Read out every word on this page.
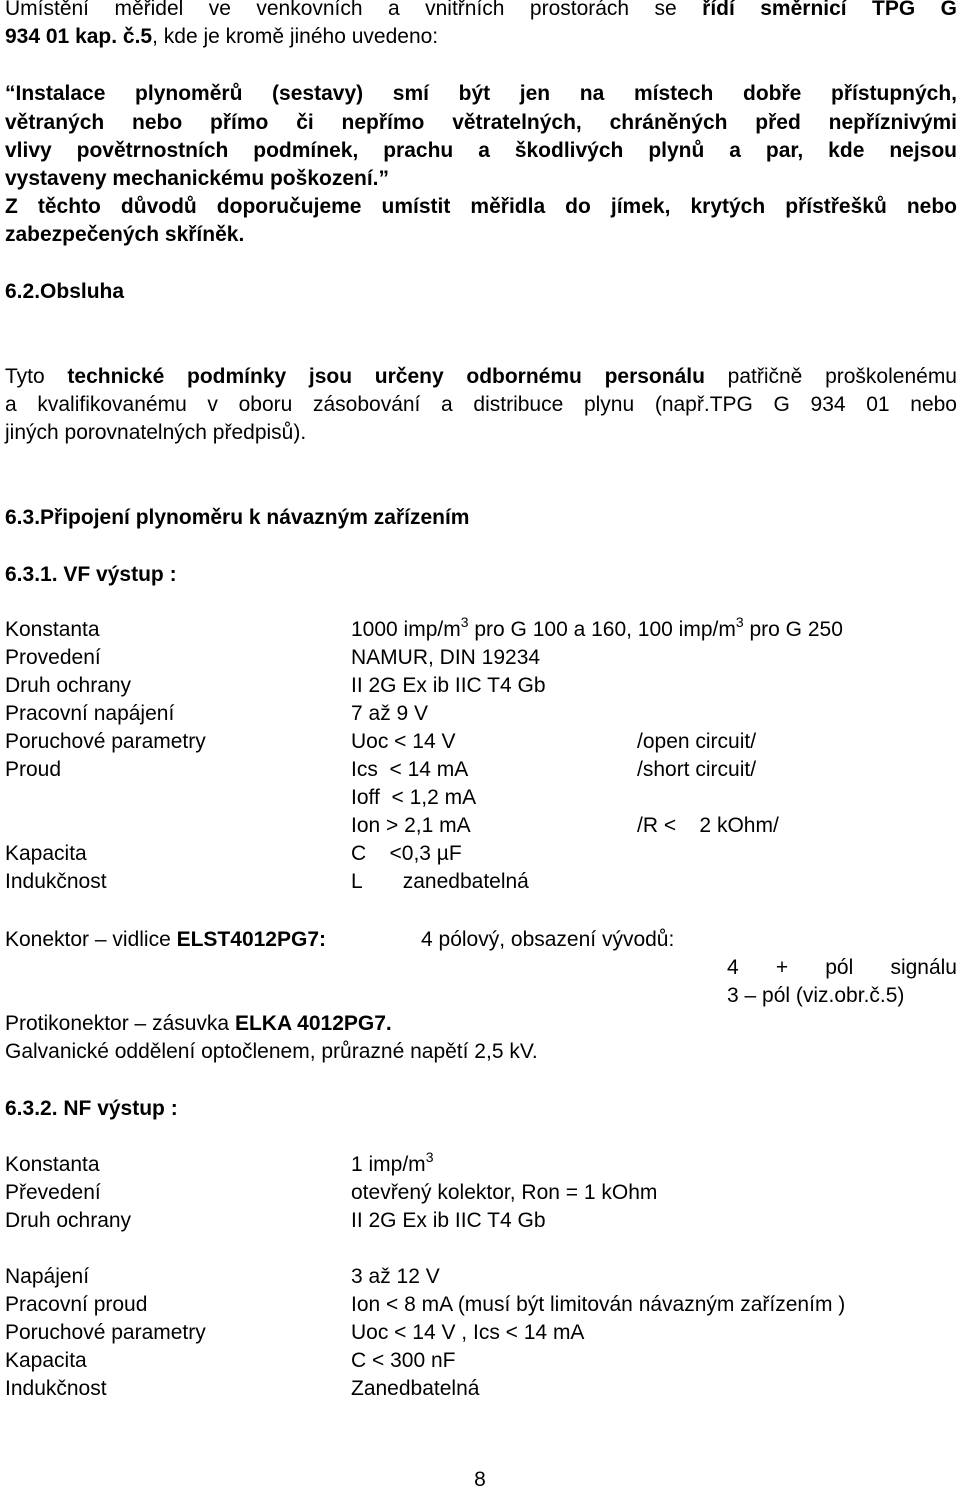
Umístění měřidel ve venkovních a vnitřních prostorách se řídí směrnicí TPG G
934 01 kap. č.5, kde je kromě jiného uvedeno:
“Instalace plynoměrů (sestavy) smí být jen na místech dobře přístupných,
větraných nebo přímo či nepřímo větratelných, chráněných před nepříznivými
vlivy povětrnostních podmínek, prachu a škodlivých plynů a par, kde nejsou
vystaveny mechanickému poškození.”
Z těchto důvodů doporučujeme umístit měřidla do jímek, krytých přístřešků nebo
zabezpečených skříněk.
6.2.Obsluha
Tyto technické podmínky jsou určeny odbornému personálu patřičně proškolenému
a kvalifikovanému v oboru zásobování a distribuce plynu (např.TPG G 934 01 nebo
jiných porovnatelných předpisů).
6.3.Připojení plynoměru k návazným zařízením
6.3.1. VF výstup :
Konstanta	1000 imp/$m^3$ pro G 100 a 160, 100 imp/$m^3$ pro G 250
Provedení	NAMUR, DIN 19234
Druh ochrany	II 2G Ex ib IIC T4 Gb
Pracovní napájení	7 až 9 V
Poruchové parametry	Uoc < 14 V	/open circuit/
Proud	Ics  < 14 mA	/short circuit/
Ioff  < 1,2 mA
Ion > 2,1 mA	/R <    2 kOhm/
Kapacita	C    <0,3 µF
Indukčnost	L       zanedbatelná
Konektor – vidlice ELST4012PG7:	4 pólový, obsazení vývodů:
4 + pól signálu
3 – pól (viz.obr.č.5)
Protikonektor – zásuvka ELKA 4012PG7.
Galvanické oddělení optočlenem, průrazné napětí 2,5 kV.
6.3.2. NF výstup :
Konstanta	1 imp/$m^3$
Převedení	otevřený kolektor, Ron = 1 kOhm
Druh ochrany	II 2G Ex ib IIC T4 Gb
Napájení	3 až 12 V
Pracovní proud	Ion < 8 mA (musí být limitován návazným zařízením )
Poruchové parametry	Uoc < 14 V , Ics < 14 mA
Kapacita	C < 300 nF
Indukčnost	Zanedbatelná
8
